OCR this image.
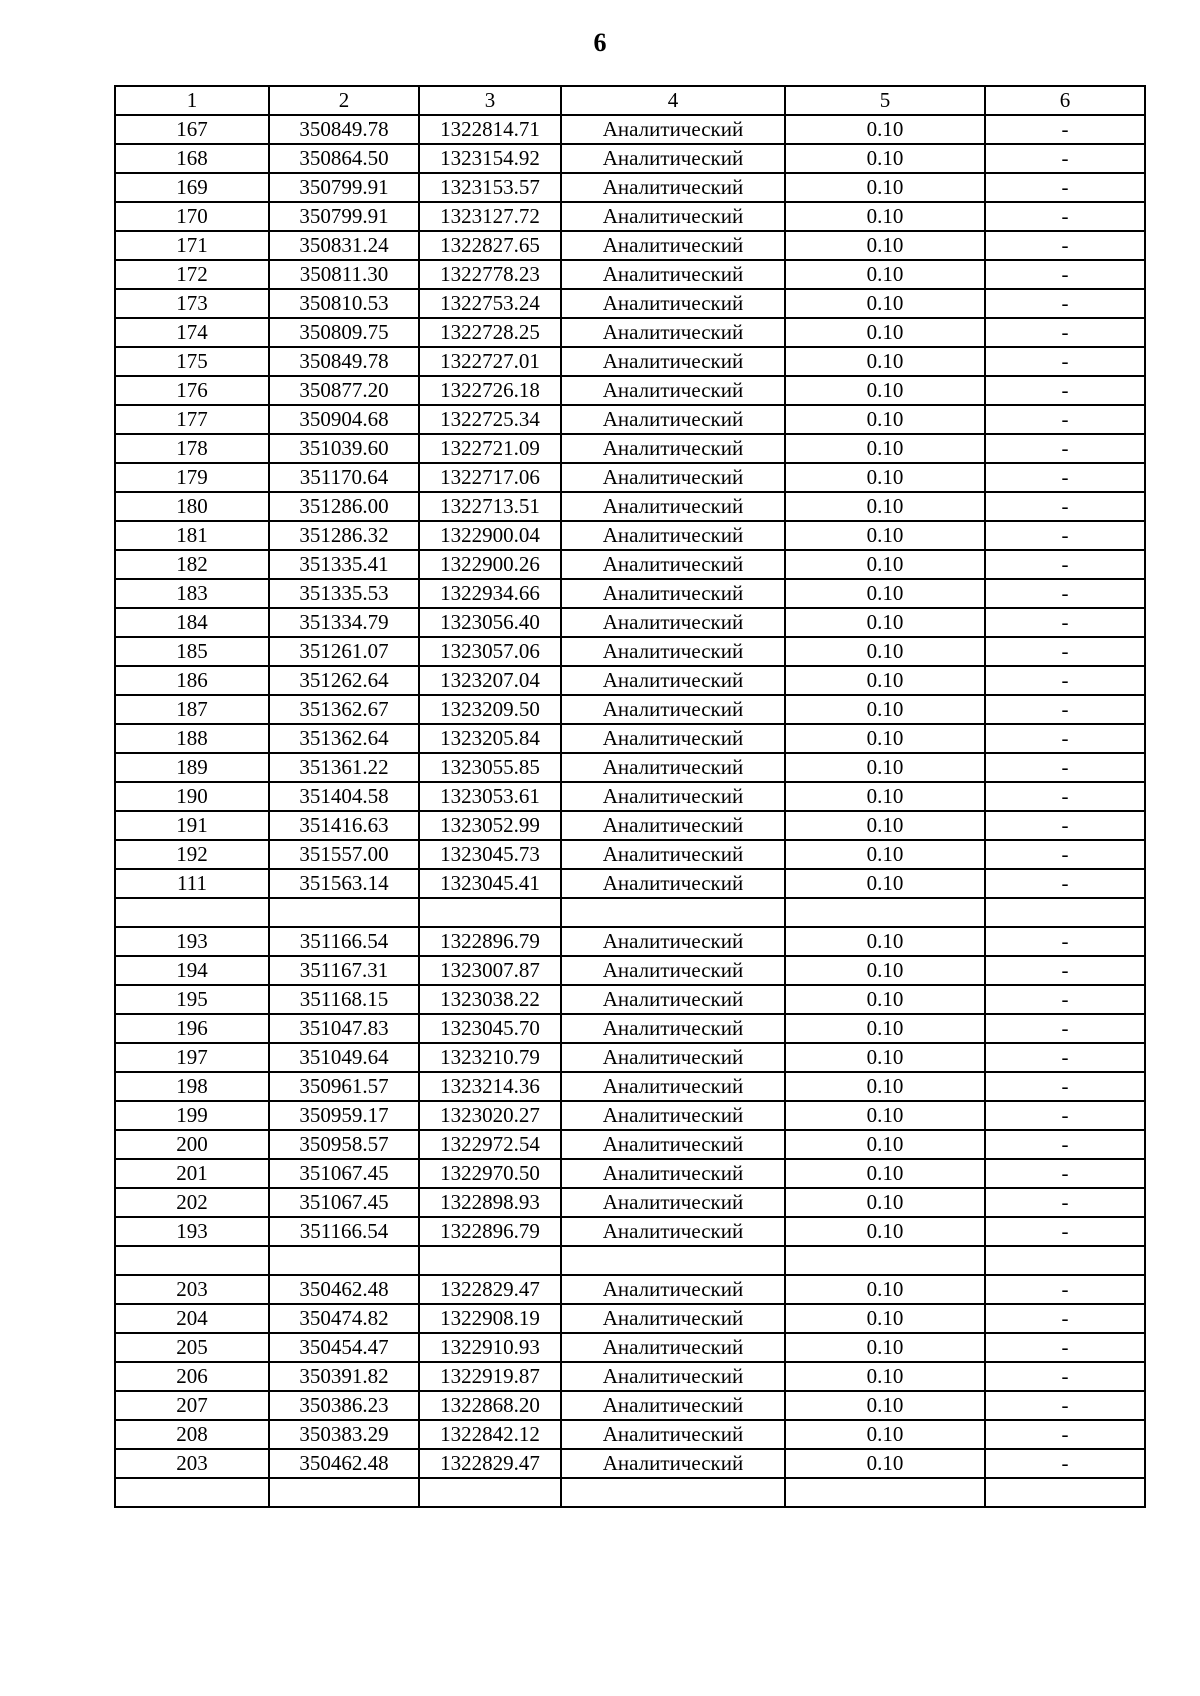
6
1	2	3	4	5	6
167	350849.78	1322814.71	Аналитический	0.10	-
168	350864.50	1323154.92	Аналитический	0.10	-
169	350799.91	1323153.57	Аналитический	0.10	-
170	350799.91	1323127.72	Аналитический	0.10	-
171	350831.24	1322827.65	Аналитический	0.10	-
172	350811.30	1322778.23	Аналитический	0.10	-
173	350810.53	1322753.24	Аналитический	0.10	-
174	350809.75	1322728.25	Аналитический	0.10	-
175	350849.78	1322727.01	Аналитический	0.10	-
176	350877.20	1322726.18	Аналитический	0.10	-
177	350904.68	1322725.34	Аналитический	0.10	-
178	351039.60	1322721.09	Аналитический	0.10	-
179	351170.64	1322717.06	Аналитический	0.10	-
180	351286.00	1322713.51	Аналитический	0.10	-
181	351286.32	1322900.04	Аналитический	0.10	-
182	351335.41	1322900.26	Аналитический	0.10	-
183	351335.53	1322934.66	Аналитический	0.10	-
184	351334.79	1323056.40	Аналитический	0.10	-
185	351261.07	1323057.06	Аналитический	0.10	-
186	351262.64	1323207.04	Аналитический	0.10	-
187	351362.67	1323209.50	Аналитический	0.10	-
188	351362.64	1323205.84	Аналитический	0.10	-
189	351361.22	1323055.85	Аналитический	0.10	-
190	351404.58	1323053.61	Аналитический	0.10	-
191	351416.63	1323052.99	Аналитический	0.10	-
192	351557.00	1323045.73	Аналитический	0.10	-
111	351563.14	1323045.41	Аналитический	0.10	-

193	351166.54	1322896.79	Аналитический	0.10	-
194	351167.31	1323007.87	Аналитический	0.10	-
195	351168.15	1323038.22	Аналитический	0.10	-
196	351047.83	1323045.70	Аналитический	0.10	-
197	351049.64	1323210.79	Аналитический	0.10	-
198	350961.57	1323214.36	Аналитический	0.10	-
199	350959.17	1323020.27	Аналитический	0.10	-
200	350958.57	1322972.54	Аналитический	0.10	-
201	351067.45	1322970.50	Аналитический	0.10	-
202	351067.45	1322898.93	Аналитический	0.10	-
193	351166.54	1322896.79	Аналитический	0.10	-

203	350462.48	1322829.47	Аналитический	0.10	-
204	350474.82	1322908.19	Аналитический	0.10	-
205	350454.47	1322910.93	Аналитический	0.10	-
206	350391.82	1322919.87	Аналитический	0.10	-
207	350386.23	1322868.20	Аналитический	0.10	-
208	350383.29	1322842.12	Аналитический	0.10	-
203	350462.48	1322829.47	Аналитический	0.10	-
